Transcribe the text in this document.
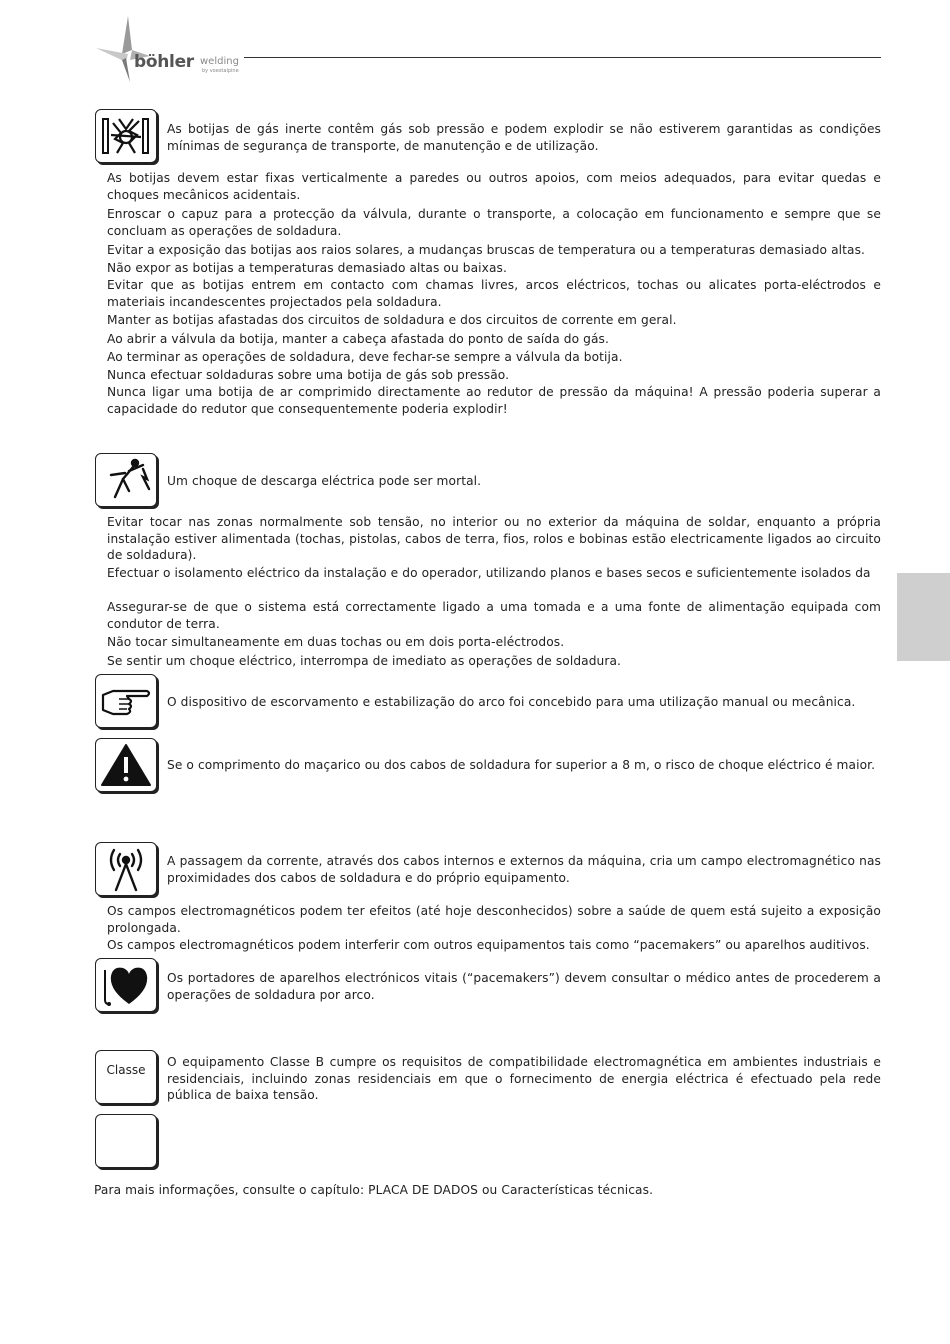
böhler welding
by voestalpine
As botijas de gás inerte contêm gás sob pressão e podem explodir se não estiverem garantidas as condições mínimas de segurança de transporte, de manutenção e de utilização.

As botijas devem estar fixas verticalmente a paredes ou outros apoios, com meios adequados, para evitar quedas e choques mecânicos acidentais.

Enroscar o capuz para a protecção da válvula, durante o transporte, a colocação em funcionamento e sempre que se concluam as operações de soldadura.

Evitar a exposição das botijas aos raios solares, a mudanças bruscas de temperatura ou a temperaturas demasiado altas.

Não expor as botijas a temperaturas demasiado altas ou baixas.

Evitar que as botijas entrem em contacto com chamas livres, arcos eléctricos, tochas ou alicates porta-eléctrodos e materiais incandescentes projectados pela soldadura.

Manter as botijas afastadas dos circuitos de soldadura e dos circuitos de corrente em geral.

Ao abrir a válvula da botija, manter a cabeça afastada do ponto de saída do gás.

Ao terminar as operações de soldadura, deve fechar-se sempre a válvula da botija.

Nunca efectuar soldaduras sobre uma botija de gás sob pressão.

Nunca ligar uma botija de ar comprimido directamente ao redutor de pressão da máquina! A pressão poderia superar a capacidade do redutor que consequentemente poderia explodir!

Um choque de descarga eléctrica pode ser mortal.

Evitar tocar nas zonas normalmente sob tensão, no interior ou no exterior da máquina de soldar, enquanto a própria instalação estiver alimentada (tochas, pistolas, cabos de terra, fios, rolos e bobinas estão electricamente ligados ao circuito de soldadura).

Efectuar o isolamento eléctrico da instalação e do operador, utilizando planos e bases secos e suficientemente isolados da

Assegurar-se de que o sistema está correctamente ligado a uma tomada e a uma fonte de alimentação equipada com condutor de terra.

Não tocar simultaneamente em duas tochas ou em dois porta-eléctrodos.

Se sentir um choque eléctrico, interrompa de imediato as operações de soldadura.

O dispositivo de escorvamento e estabilização do arco foi concebido para uma utilização manual ou mecânica.
Se o comprimento do maçarico ou dos cabos de soldadura for superior a 8 m, o risco de choque eléctrico é maior.
A passagem da corrente, através dos cabos internos e externos da máquina, cria um campo electromagnético nas proximidades dos cabos de soldadura e do próprio equipamento.

Os campos electromagnéticos podem ter efeitos (até hoje desconhecidos) sobre a saúde de quem está sujeito a exposição prolongada.

Os campos electromagnéticos podem interferir com outros equipamentos tais como “pacemakers” ou aparelhos auditivos.

Os portadores de aparelhos electrónicos vitais (“pacemakers”) devem consultar o médico antes de procederem a operações de soldadura por arco.
Classe
O equipamento Classe B cumpre os requisitos de compatibilidade electromagnética em ambientes industriais e residenciais, incluindo zonas residenciais em que o fornecimento de energia eléctrica é efectuado pela rede pública de baixa tensão.
Para mais informações, consulte o capítulo: PLACA DE DADOS ou Características técnicas.
